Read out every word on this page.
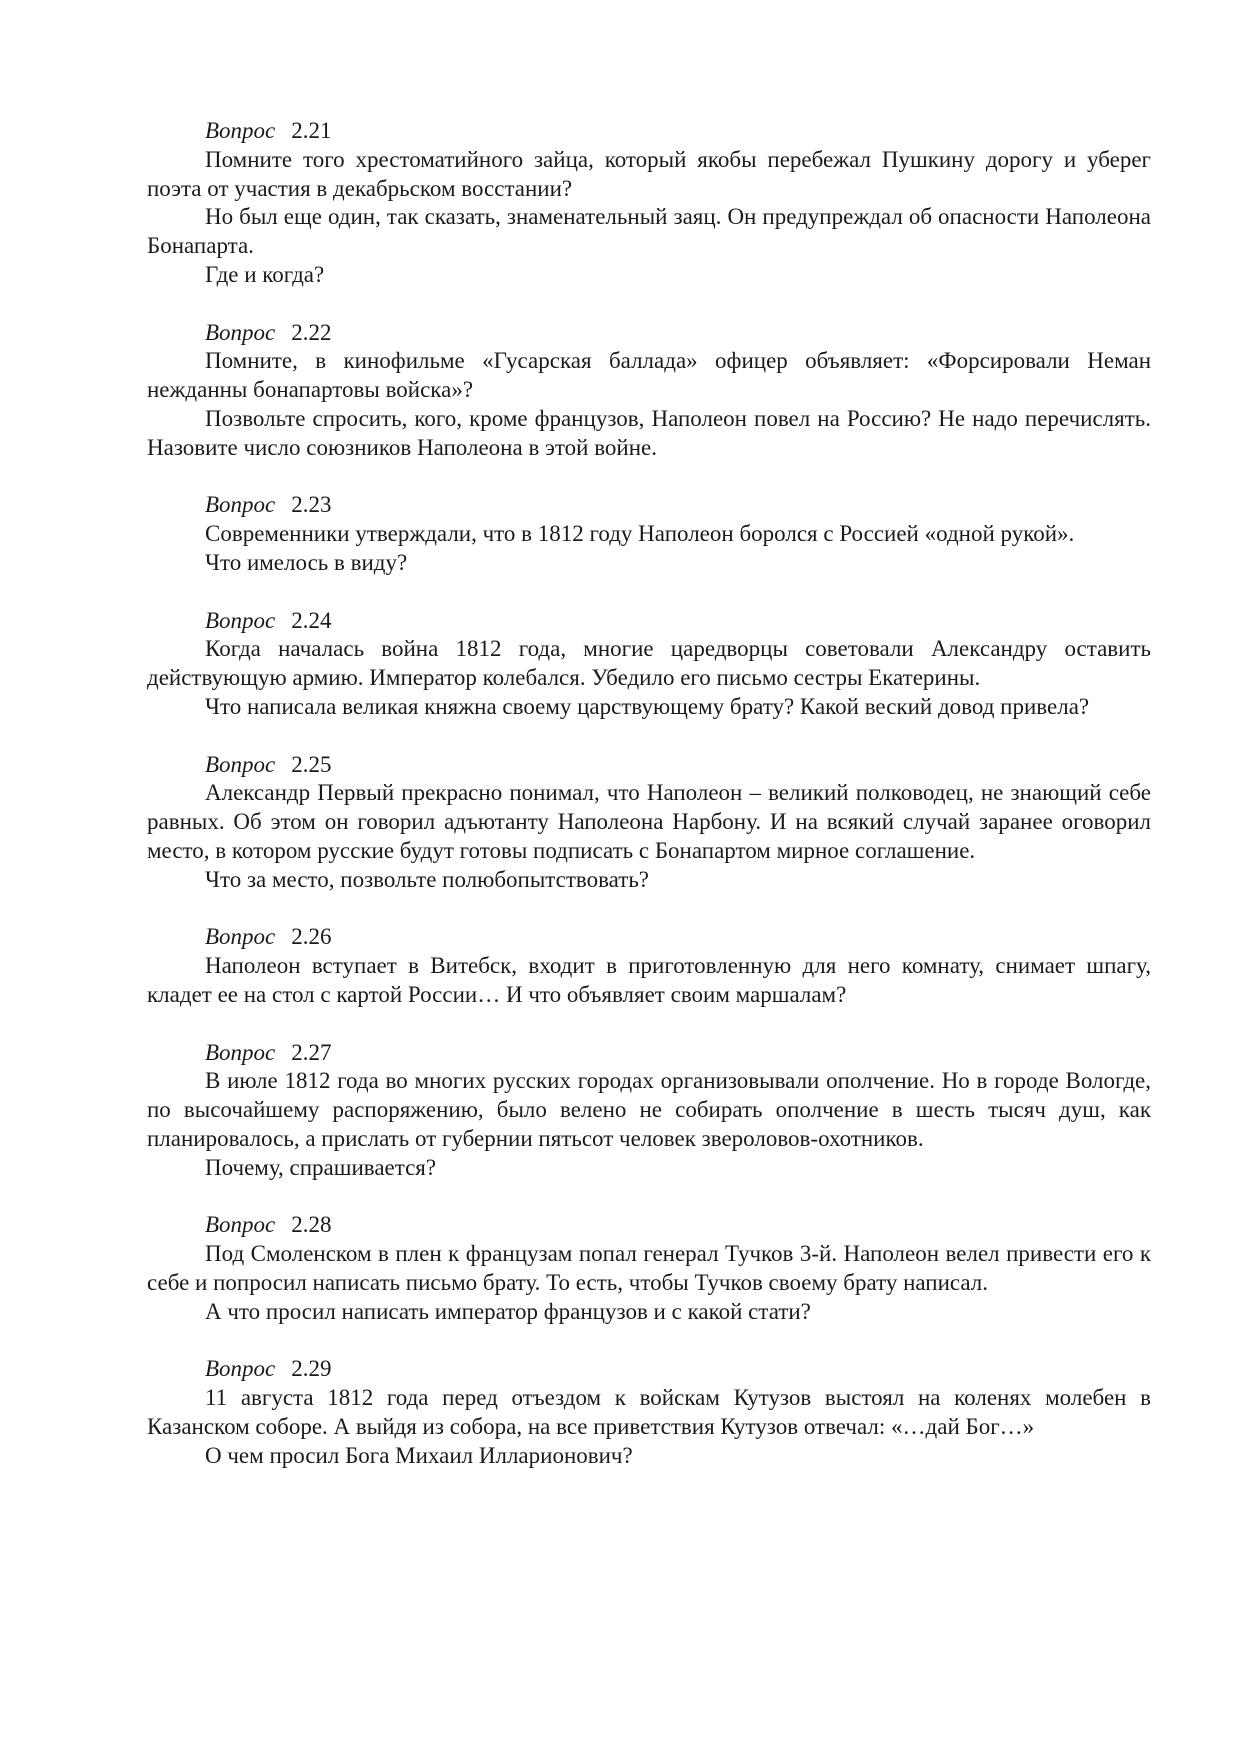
Вопрос 2.21

Помните того хрестоматийного зайца, который якобы перебежал Пушкину дорогу и уберег поэта от участия в декабрьском восстании?

Но был еще один, так сказать, знаменательный заяц. Он предупреждал об опасности Наполеона Бонапарта.

Где и когда?

Вопрос 2.22

Помните, в кинофильме «Гусарская баллада» офицер объявляет: «Форсировали Неман нежданны бонапартовы войска»?

Позвольте спросить, кого, кроме французов, Наполеон повел на Россию? Не надо перечислять. Назовите число союзников Наполеона в этой войне.

Вопрос 2.23

Современники утверждали, что в 1812 году Наполеон боролся с Россией «одной рукой».

Что имелось в виду?

Вопрос 2.24

Когда началась война 1812 года, многие царедворцы советовали Александру оставить действующую армию. Император колебался. Убедило его письмо сестры Екатерины.

Что написала великая княжна своему царствующему брату? Какой веский довод привела?

Вопрос 2.25

Александр Первый прекрасно понимал, что Наполеон – великий полководец, не знающий себе равных. Об этом он говорил адъютанту Наполеона Нарбону. И на всякий случай заранее оговорил место, в котором русские будут готовы подписать с Бонапартом мирное соглашение.

Что за место, позвольте полюбопытствовать?

Вопрос 2.26

Наполеон вступает в Витебск, входит в приготовленную для него комнату, снимает шпагу, кладет ее на стол с картой России… И что объявляет своим маршалам?

Вопрос 2.27

В июле 1812 года во многих русских городах организовывали ополчение. Но в городе Вологде, по высочайшему распоряжению, было велено не собирать ополчение в шесть тысяч душ, как планировалось, а прислать от губернии пятьсот человек звероловов-охотников.

Почему, спрашивается?

Вопрос 2.28

Под Смоленском в плен к французам попал генерал Тучков 3-й. Наполеон велел привести его к себе и попросил написать письмо брату. То есть, чтобы Тучков своему брату написал.

А что просил написать император французов и с какой стати?

Вопрос 2.29

11 августа 1812 года перед отъездом к войскам Кутузов выстоял на коленях молебен в Казанском соборе. А выйдя из собора, на все приветствия Кутузов отвечал: «…дай Бог…»

О чем просил Бога Михаил Илларионович?
